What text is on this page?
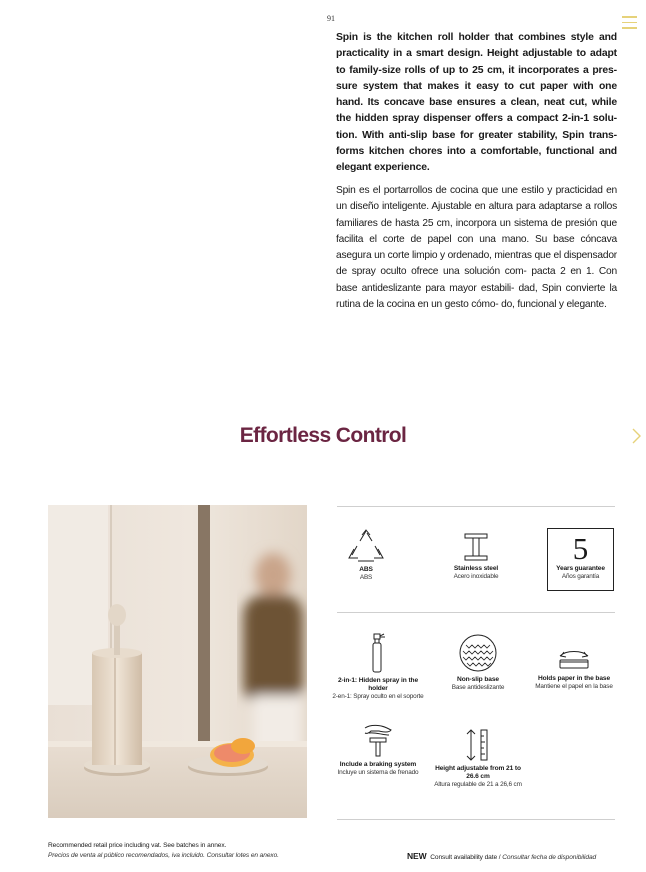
91

Spin is the kitchen roll holder that combines style and practicality in a smart design. Height adjustable to adapt to family-size rolls of up to 25 cm, it incorporates a pres- sure system that makes it easy to cut paper with one hand. Its concave base ensures a clean, neat cut, while the hidden spray dispenser offers a compact 2-in-1 solu- tion. With anti-slip base for greater stability, Spin trans- forms kitchen chores into a comfortable, functional and elegant experience.

Spin es el portarrollos de cocina que une estilo y practicidad en un diseño inteligente. Ajustable en altura para adaptarse a rollos familiares de hasta 25 cm, incorpora un sistema de presión que facilita el corte de papel con una mano. Su base cóncava asegura un corte limpio y ordenado, mientras que el dispensador de spray oculto ofrece una solución com- pacta 2 en 1. Con base antideslizante para mayor estabili- dad, Spin convierte la rutina de la cocina en un gesto cómo- do, funcional y elegante.

Effortless Control
ABS
ABS
Stainless steel
Acero inoxidable
5
Years guarantee
Años garantía
2-in-1: Hidden spray in the holder
2-en-1: Spray oculto en el soporte
Non-slip base
Base antideslizante
Holds paper in the base
Mantiene el papel en la base
Include a braking system
Incluye un sistema de frenado
Height adjustable from 21 to 26.6 cm
Altura regulable de 21 a 26,6 cm
Recommended retail price including vat. See batches in annex.
Precios de venta al público recomendados, iva incluido. Consultar lotes en anexo.	NEW Consult availability date / Consultar fecha de disponibilidad
